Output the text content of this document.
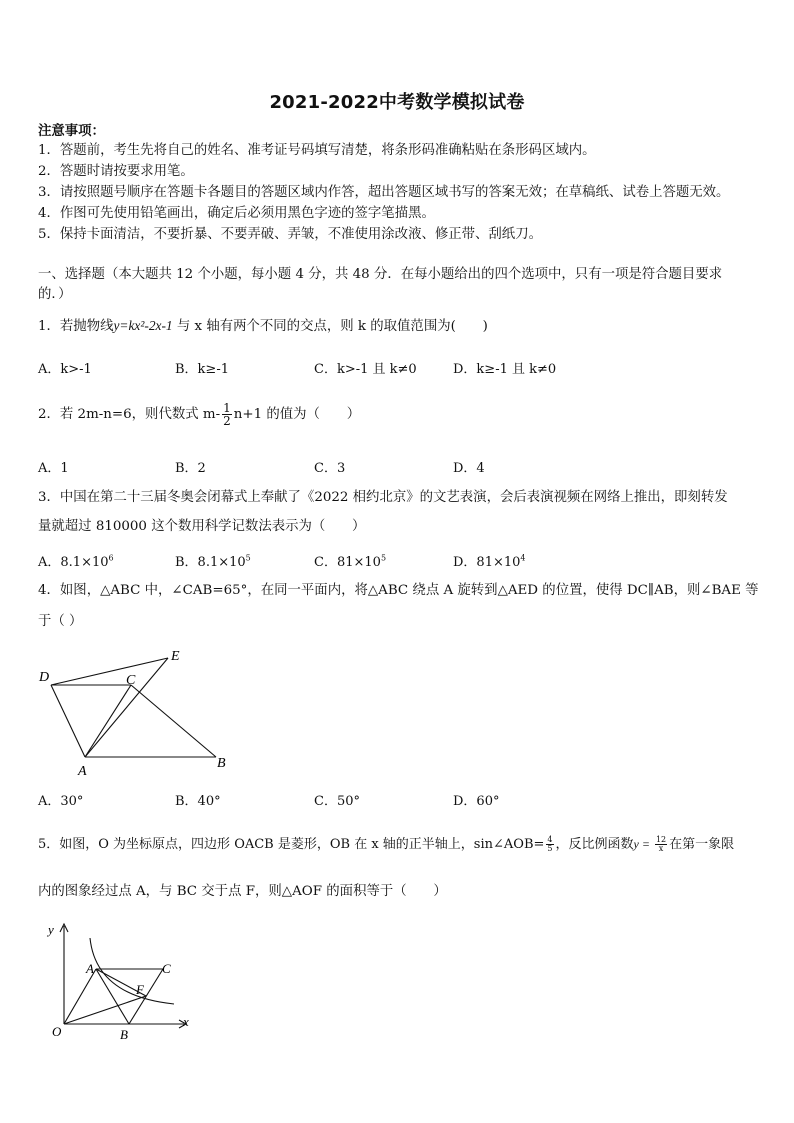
2021-2022中考数学模拟试卷
注意事项：
1．答题前，考生先将自己的姓名、准考证号码填写清楚，将条形码准确粘贴在条形码区域内。
2．答题时请按要求用笔。
3．请按照题号顺序在答题卡各题目的答题区域内作答，超出答题区域书写的答案无效；在草稿纸、试卷上答题无效。
4．作图可先使用铅笔画出，确定后必须用黑色字迹的签字笔描黑。
5．保持卡面清洁，不要折暴、不要弄破、弄皱，不准使用涂改液、修正带、刮纸刀。
一、选择题（本大题共 12 个小题，每小题 4 分，共 48 分．在每小题给出的四个选项中，只有一项是符合题目要求
的．）
1．若抛物线y=kx²-2x-1 与 x 轴有两个不同的交点，则 k 的取值范围为(　　)
A．k>-1	B．k≥-1	C．k>-1 且 k≠0	D．k≥-1 且 k≠0
2．若 2m-n=6，则代数式 $m- \frac{1}{2} n+1$ 的值为（　　）
A．1	B．2	C．3	D．4
3．中国在第二十三届冬奥会闭幕式上奉献了《2022 相约北京》的文艺表演，会后表演视频在网络上推出，即刻转发
量就超过 810000 这个数用科学记数法表示为（　　）
A．$8.1\times 10^6$	B．$8.1\times 10^5$	C．$81\times 10^5$	D．$81\times 10^4$
4．如图，△ABC 中，∠CAB=65°，在同一平面内，将△ABC 绕点 A 旋转到△AED 的位置，使得 DC∥AB，则∠BAE 等
于（ ）
D
E
C
A
B
A．30°	B．40°	C．50°	D．60°
5．如图，O 为坐标原点，四边形 OACB 是菱形，OB 在 x 轴的正半轴上，sin∠AOB= $\frac{4}{5}$ ，反比例函数$y = \frac{12}{x}$ 在第一象限
内的图象经过点 A，与 BC 交于点 F，则△AOF 的面积等于（　　）
y
x
O
A
B
C
F
